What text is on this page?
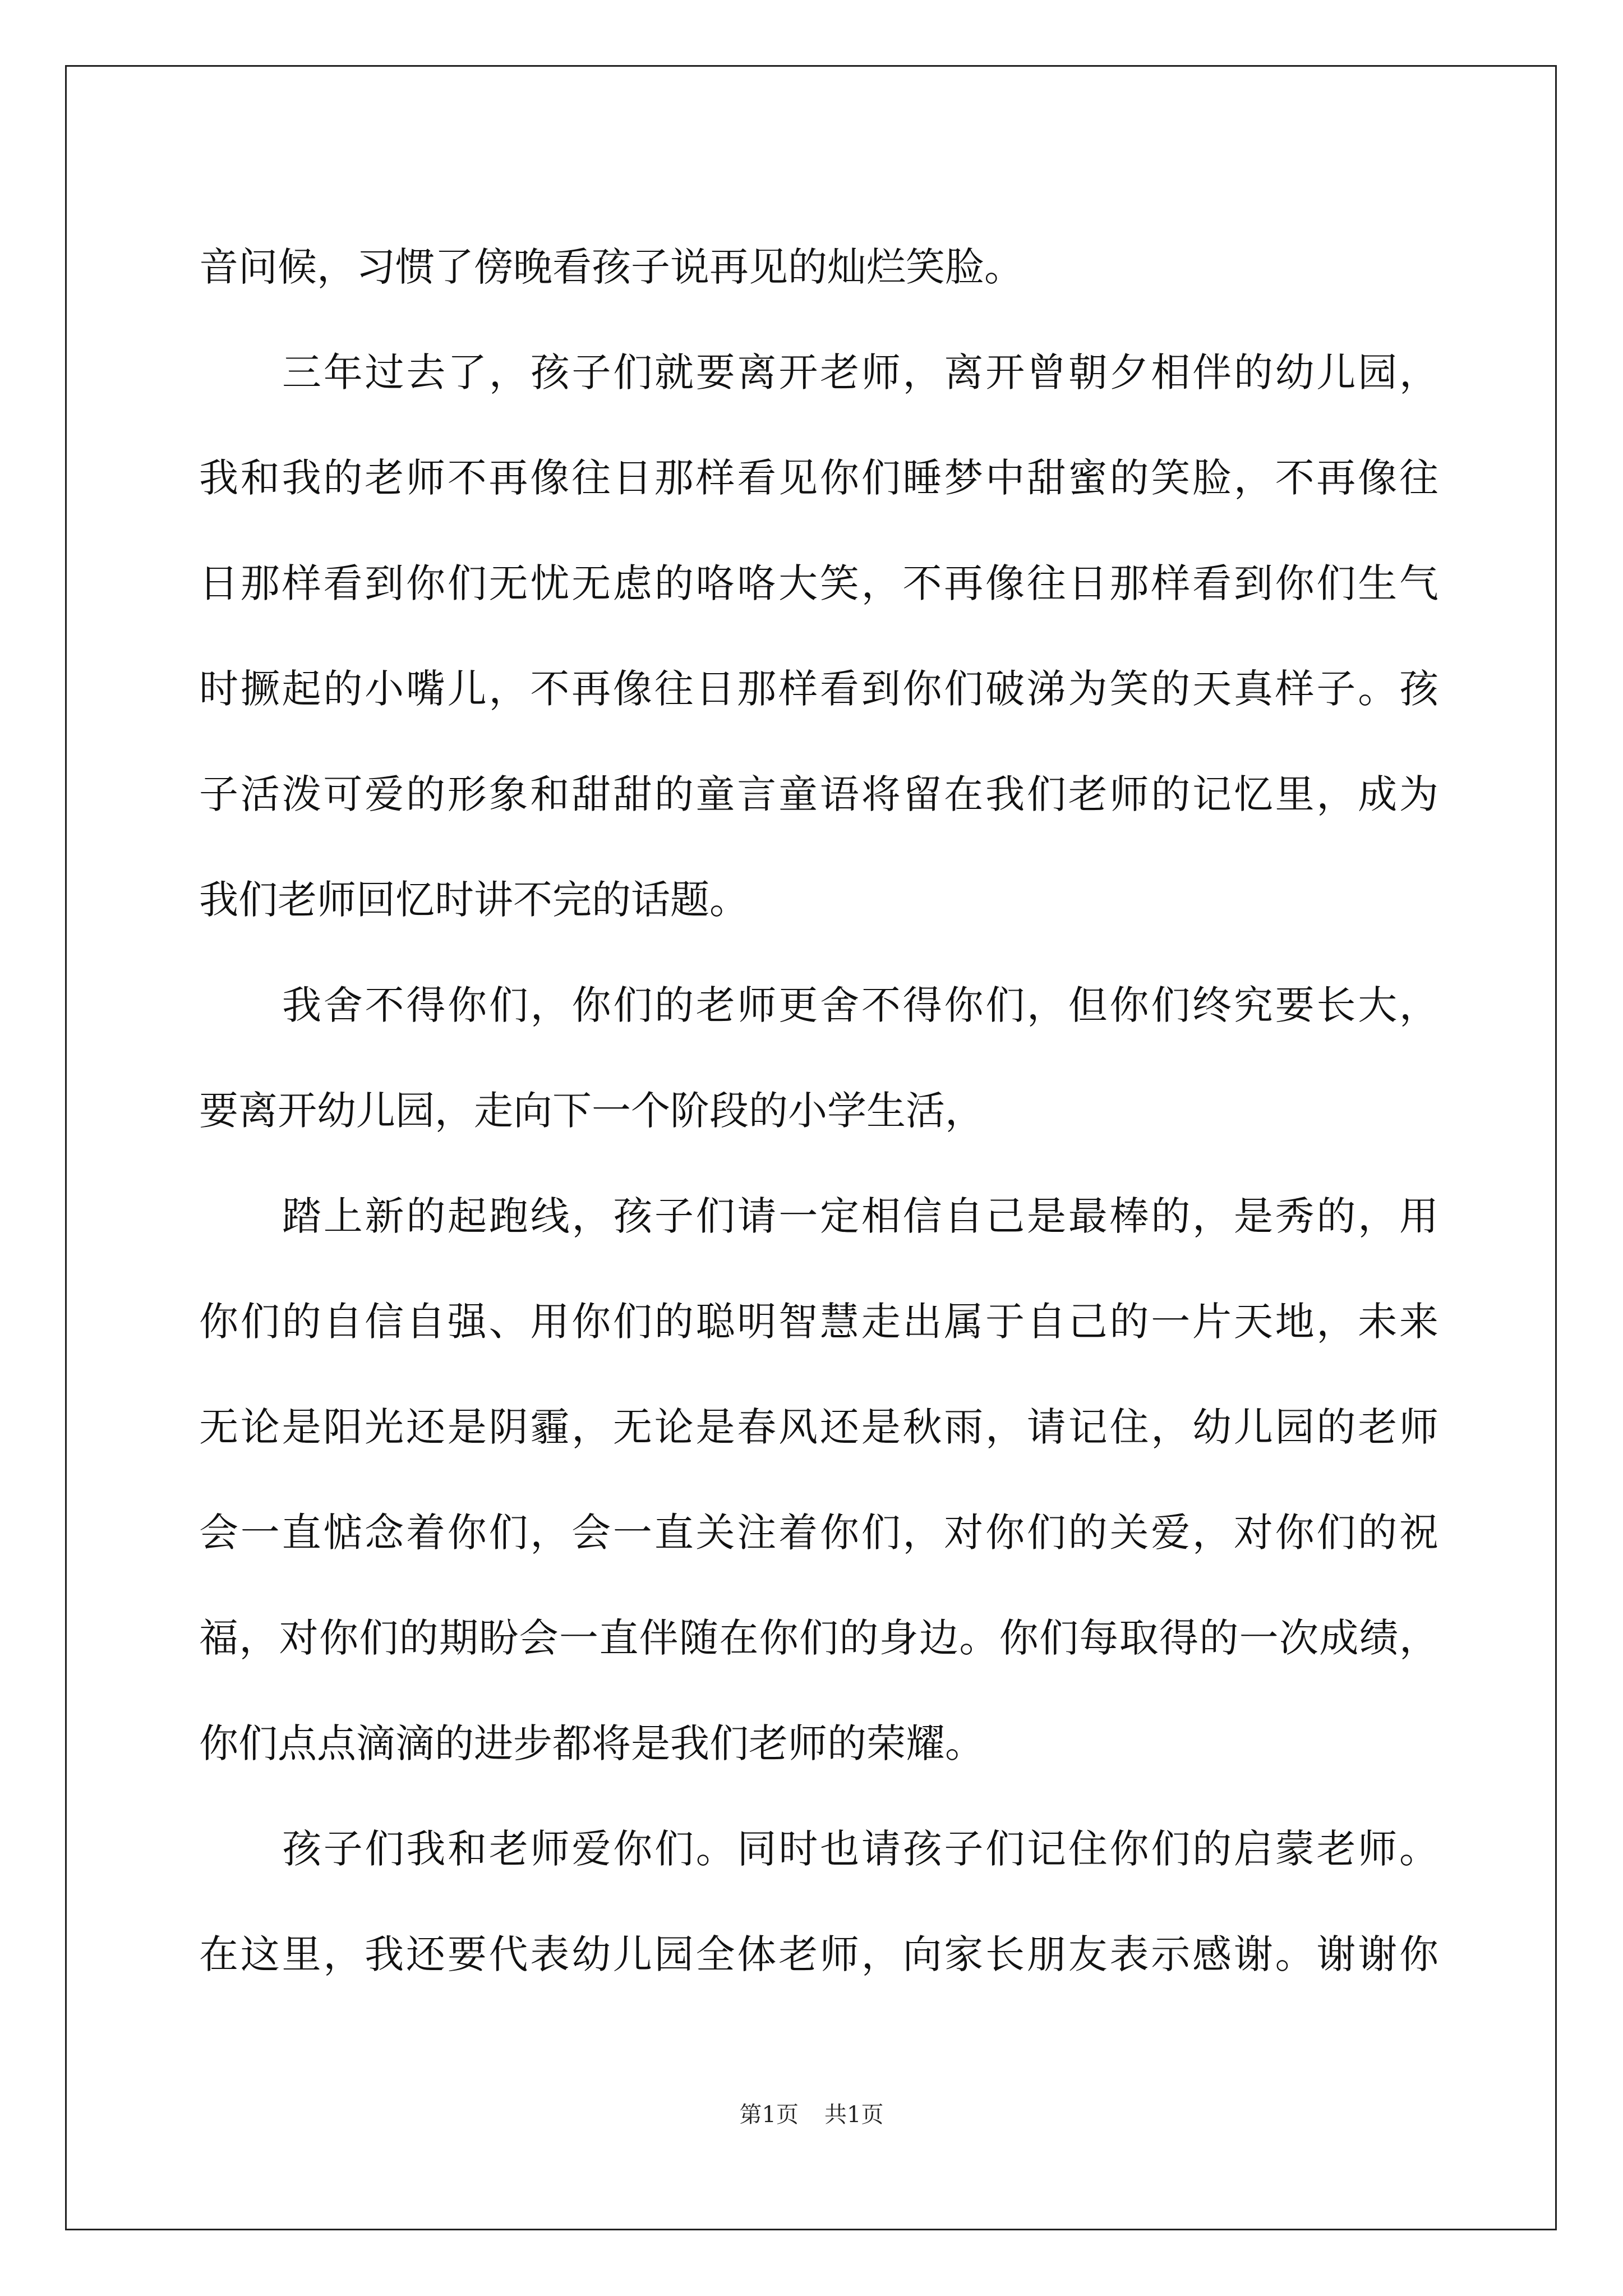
音问候，习惯了傍晚看孩子说再见的灿烂笑脸。
三年过去了，孩子们就要离开老师，离开曾朝夕相伴的幼儿园，
我和我的老师不再像往日那样看见你们睡梦中甜蜜的笑脸，不再像往
日那样看到你们无忧无虑的咯咯大笑，不再像往日那样看到你们生气
时撅起的小嘴儿，不再像往日那样看到你们破涕为笑的天真样子。孩
子活泼可爱的形象和甜甜的童言童语将留在我们老师的记忆里，成为
我们老师回忆时讲不完的话题。
我舍不得你们，你们的老师更舍不得你们，但你们终究要长大，
要离开幼儿园，走向下一个阶段的小学生活，
踏上新的起跑线，孩子们请一定相信自己是最棒的，是秀的，用
你们的自信自强、用你们的聪明智慧走出属于自己的一片天地，未来
无论是阳光还是阴霾，无论是春风还是秋雨，请记住，幼儿园的老师
会一直惦念着你们，会一直关注着你们，对你们的关爱，对你们的祝
福，对你们的期盼会一直伴随在你们的身边。你们每取得的一次成绩，
你们点点滴滴的进步都将是我们老师的荣耀。
孩子们我和老师爱你们。同时也请孩子们记住你们的启蒙老师。
在这里，我还要代表幼儿园全体老师，向家长朋友表示感谢。谢谢你
第1页 共1页
